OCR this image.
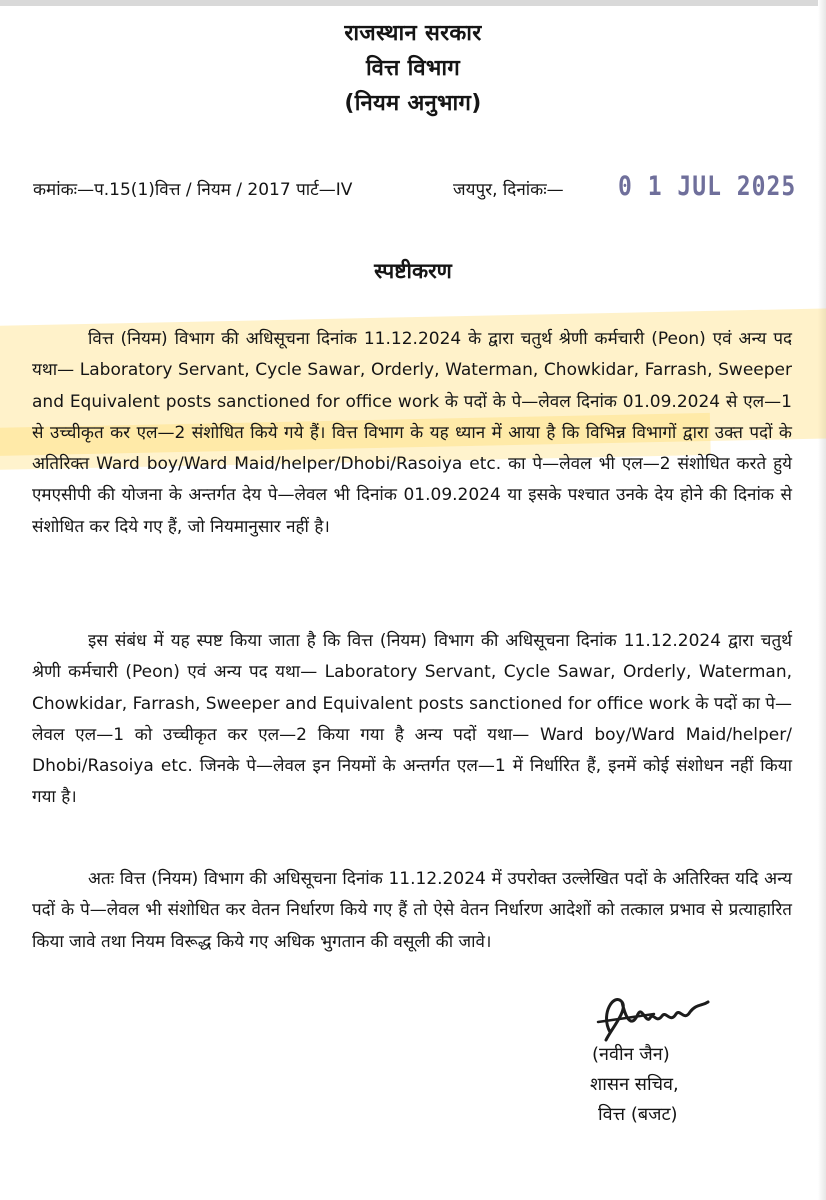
राजस्थान सरकार
वित्त विभाग
(नियम अनुभाग)
कमांकः—प.15(1)वित्त / नियम / 2017 पार्ट—IV	जयपुर, दिनांकः— 0 1 JUL 2025
स्पष्टीकरण

वित्त (नियम) विभाग की अधिसूचना दिनांक 11.12.2024 के द्वारा चतुर्थ श्रेणी कर्मचारी (Peon) एवं अन्य पद यथा— Laboratory Servant, Cycle Sawar, Orderly, Waterman, Chowkidar, Farrash, Sweeper and Equivalent posts sanctioned for office work के पदों के पे—लेवल दिनांक 01.09.2024 से एल—1 से उच्चीकृत कर एल—2 संशोधित किये गये हैं। वित्त विभाग के यह ध्यान में आया है कि विभिन्न विभागों द्वारा उक्त पदों के अतिरिक्त Ward boy/Ward Maid/helper/Dhobi/Rasoiya etc. का पे—लेवल भी एल—2 संशोधित करते हुये एमएसीपी की योजना के अन्तर्गत देय पे—लेवल भी दिनांक 01.09.2024 या इसके पश्चात उनके देय होने की दिनांक से संशोधित कर दिये गए हैं, जो नियमानुसार नहीं है।

इस संबंध में यह स्पष्ट किया जाता है कि वित्त (नियम) विभाग की अधिसूचना दिनांक 11.12.2024 द्वारा चतुर्थ श्रेणी कर्मचारी (Peon) एवं अन्य पद यथा— Laboratory Servant, Cycle Sawar, Orderly, Waterman, Chowkidar, Farrash, Sweeper and Equivalent posts sanctioned for office work के पदों का पे—लेवल एल—1 को उच्चीकृत कर एल—2 किया गया है अन्य पदों यथा— Ward boy/Ward Maid/helper/ Dhobi/Rasoiya etc. जिनके पे—लेवल इन नियमों के अन्तर्गत एल—1 में निर्धारित हैं, इनमें कोई संशोधन नहीं किया गया है।

अतः वित्त (नियम) विभाग की अधिसूचना दिनांक 11.12.2024 में उपरोक्त उल्लेखित पदों के अतिरिक्त यदि अन्य पदों के पे—लेवल भी संशोधित कर वेतन निर्धारण किये गए हैं तो ऐसे वेतन निर्धारण आदेशों को तत्काल प्रभाव से प्रत्याहारित किया जावे तथा नियम विरूद्ध किये गए अधिक भुगतान की वसूली की जावे।

(नवीन जैन)
शासन सचिव,
वित्त (बजट)
